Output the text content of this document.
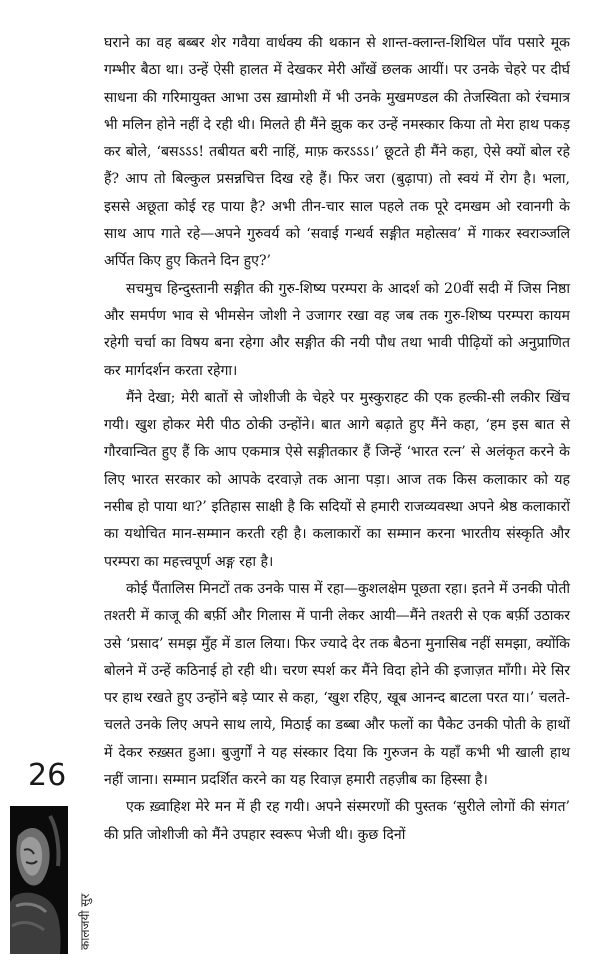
घराने का वह बब्बर शेर गवैया वार्धक्य की थकान से शान्त-क्लान्त-शिथिल पाँव पसारे मूक गम्भीर बैठा था। उन्हें ऐसी हालत में देखकर मेरी आँखें छलक आयीं। पर उनके चेहरे पर दीर्घ साधना की गरिमायुक्त आभा उस ख़ामोशी में भी उनके मुखमण्डल की तेजस्विता को रंचमात्र भी मलिन होने नहीं दे रही थी। मिलते ही मैंने झुक कर उन्हें नमस्कार किया तो मेरा हाथ पकड़ कर बोले, ‘बसऽऽऽ! तबीयत बरी नाहिं, माफ़ करऽऽऽ।’ छूटते ही मैंने कहा, ऐसे क्यों बोल रहे हैं? आप तो बिल्कुल प्रसन्नचित्त दिख रहे हैं। फिर जरा (बुढ़ापा) तो स्वयं में रोग है। भला, इससे अछूता कोई रह पाया है? अभी तीन-चार साल पहले तक पूरे दमखम ओ रवानगी के साथ आप गाते रहे—अपने गुरुवर्य को ‘सवाई गन्धर्व सङ्गीत महोत्सव’ में गाकर स्वराञ्जलि अर्पित किए हुए कितने दिन हुए?’

सचमुच हिन्दुस्तानी सङ्गीत की गुरु-शिष्य परम्परा के आदर्श को 20वीं सदी में जिस निष्ठा और समर्पण भाव से भीमसेन जोशी ने उजागर रखा वह जब तक गुरु-शिष्य परम्परा कायम रहेगी चर्चा का विषय बना रहेगा और सङ्गीत की नयी पौध तथा भावी पीढ़ियों को अनुप्राणित कर मार्गदर्शन करता रहेगा।

मैंने देखा; मेरी बातों से जोशीजी के चेहरे पर मुस्कुराहट की एक हल्की-सी लकीर खिंच गयी। खुश होकर मेरी पीठ ठोकी उन्होंने। बात आगे बढ़ाते हुए मैंने कहा, ‘हम इस बात से गौरवान्वित हुए हैं कि आप एकमात्र ऐसे सङ्गीतकार हैं जिन्हें ‘भारत रत्न’ से अलंकृत करने के लिए भारत सरकार को आपके दरवाज़े तक आना पड़ा। आज तक किस कलाकार को यह नसीब हो पाया था?’ इतिहास साक्षी है कि सदियों से हमारी राजव्यवस्था अपने श्रेष्ठ कलाकारों का यथोचित मान-सम्मान करती रही है। कलाकारों का सम्मान करना भारतीय संस्कृति और परम्परा का महत्त्वपूर्ण अङ्ग रहा है।

कोई पैंतालिस मिनटों तक उनके पास में रहा—कुशलक्षेम पूछता रहा। इतने में उनकी पोती तश्तरी में काजू की बर्फ़ी और गिलास में पानी लेकर आयी—मैंने तश्तरी से एक बर्फ़ी उठाकर उसे ‘प्रसाद’ समझ मुँह में डाल लिया। फिर ज्यादे देर तक बैठना मुनासिब नहीं समझा, क्योंकि बोलने में उन्हें कठिनाई हो रही थी। चरण स्पर्श कर मैंने विदा होने की इजाज़त माँगी। मेरे सिर पर हाथ रखते हुए उन्होंने बड़े प्यार से कहा, ‘खुश रहिए, खूब आनन्द बाटला परत या।’ चलते-चलते उनके लिए अपने साथ लाये, मिठाई का डब्बा और फलों का पैकेट उनकी पोती के हाथों में देकर रुख़्सत हुआ। बुजुर्गों ने यह संस्कार दिया कि गुरुजन के यहाँ कभी भी खाली हाथ नहीं जाना। सम्मान प्रदर्शित करने का यह रिवाज़ हमारी तहज़ीब का हिस्सा है।

एक ख़्वाहिश मेरे मन में ही रह गयी। अपने संस्मरणों की पुस्तक ‘सुरीले लोगों की संगत’ की प्रति जोशीजी को मैंने उपहार स्वरूप भेजी थी। कुछ दिनों

26
कालजयी सुर
